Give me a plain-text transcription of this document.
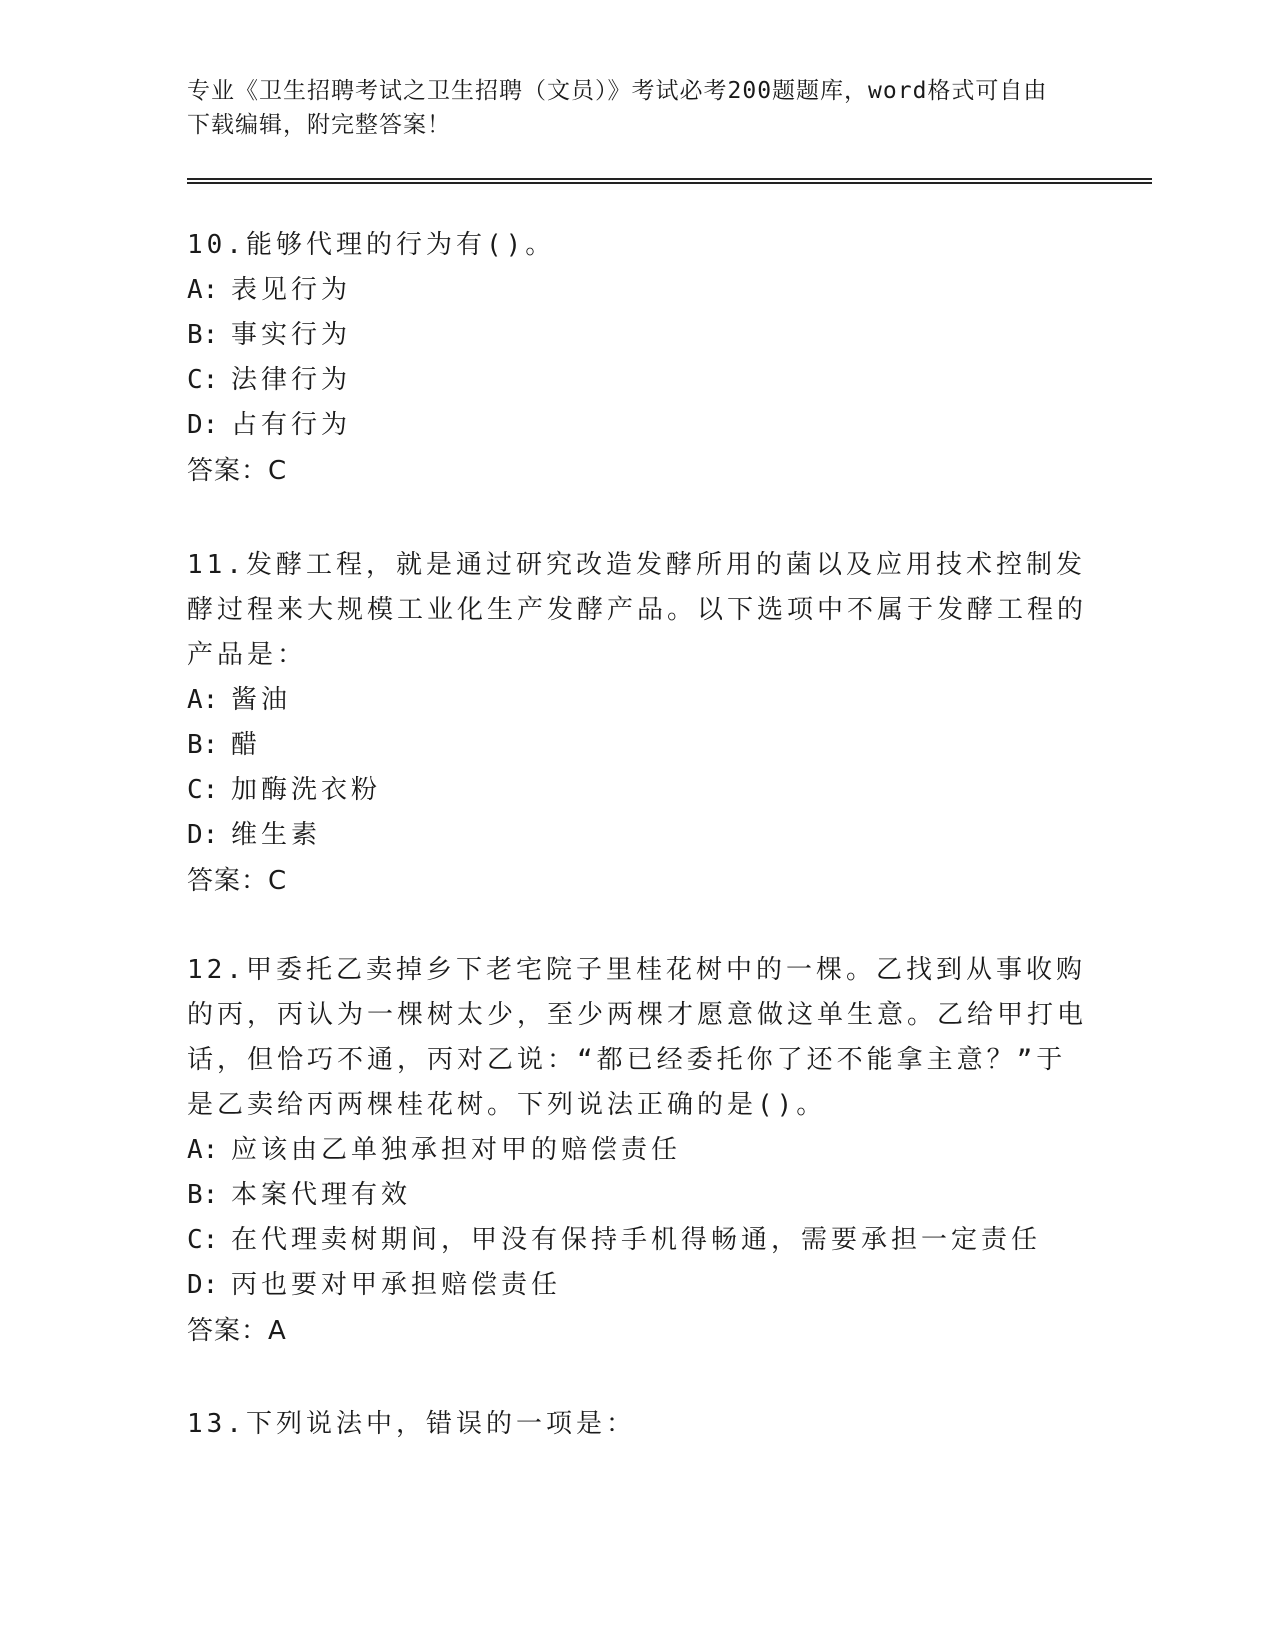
专业《卫生招聘考试之卫生招聘（文员）》考试必考200题题库，word格式可自由下载编辑，附完整答案！

10.能够代理的行为有()。

A: 表见行为

B: 事实行为

C: 法律行为

D: 占有行为

答案：C

11.发酵工程，就是通过研究改造发酵所用的菌以及应用技术控制发酵过程来大规模工业化生产发酵产品。以下选项中不属于发酵工程的产品是：

A: 酱油

B: 醋

C: 加酶洗衣粉

D: 维生素

答案：C

12.甲委托乙卖掉乡下老宅院子里桂花树中的一棵。乙找到从事收购的丙，丙认为一棵树太少，至少两棵才愿意做这单生意。乙给甲打电话，但恰巧不通，丙对乙说：“都已经委托你了还不能拿主意？”于是乙卖给丙两棵桂花树。下列说法正确的是()。

A: 应该由乙单独承担对甲的赔偿责任

B: 本案代理有效

C: 在代理卖树期间，甲没有保持手机得畅通，需要承担一定责任

D: 丙也要对甲承担赔偿责任

答案：A

13.下列说法中，错误的一项是：
